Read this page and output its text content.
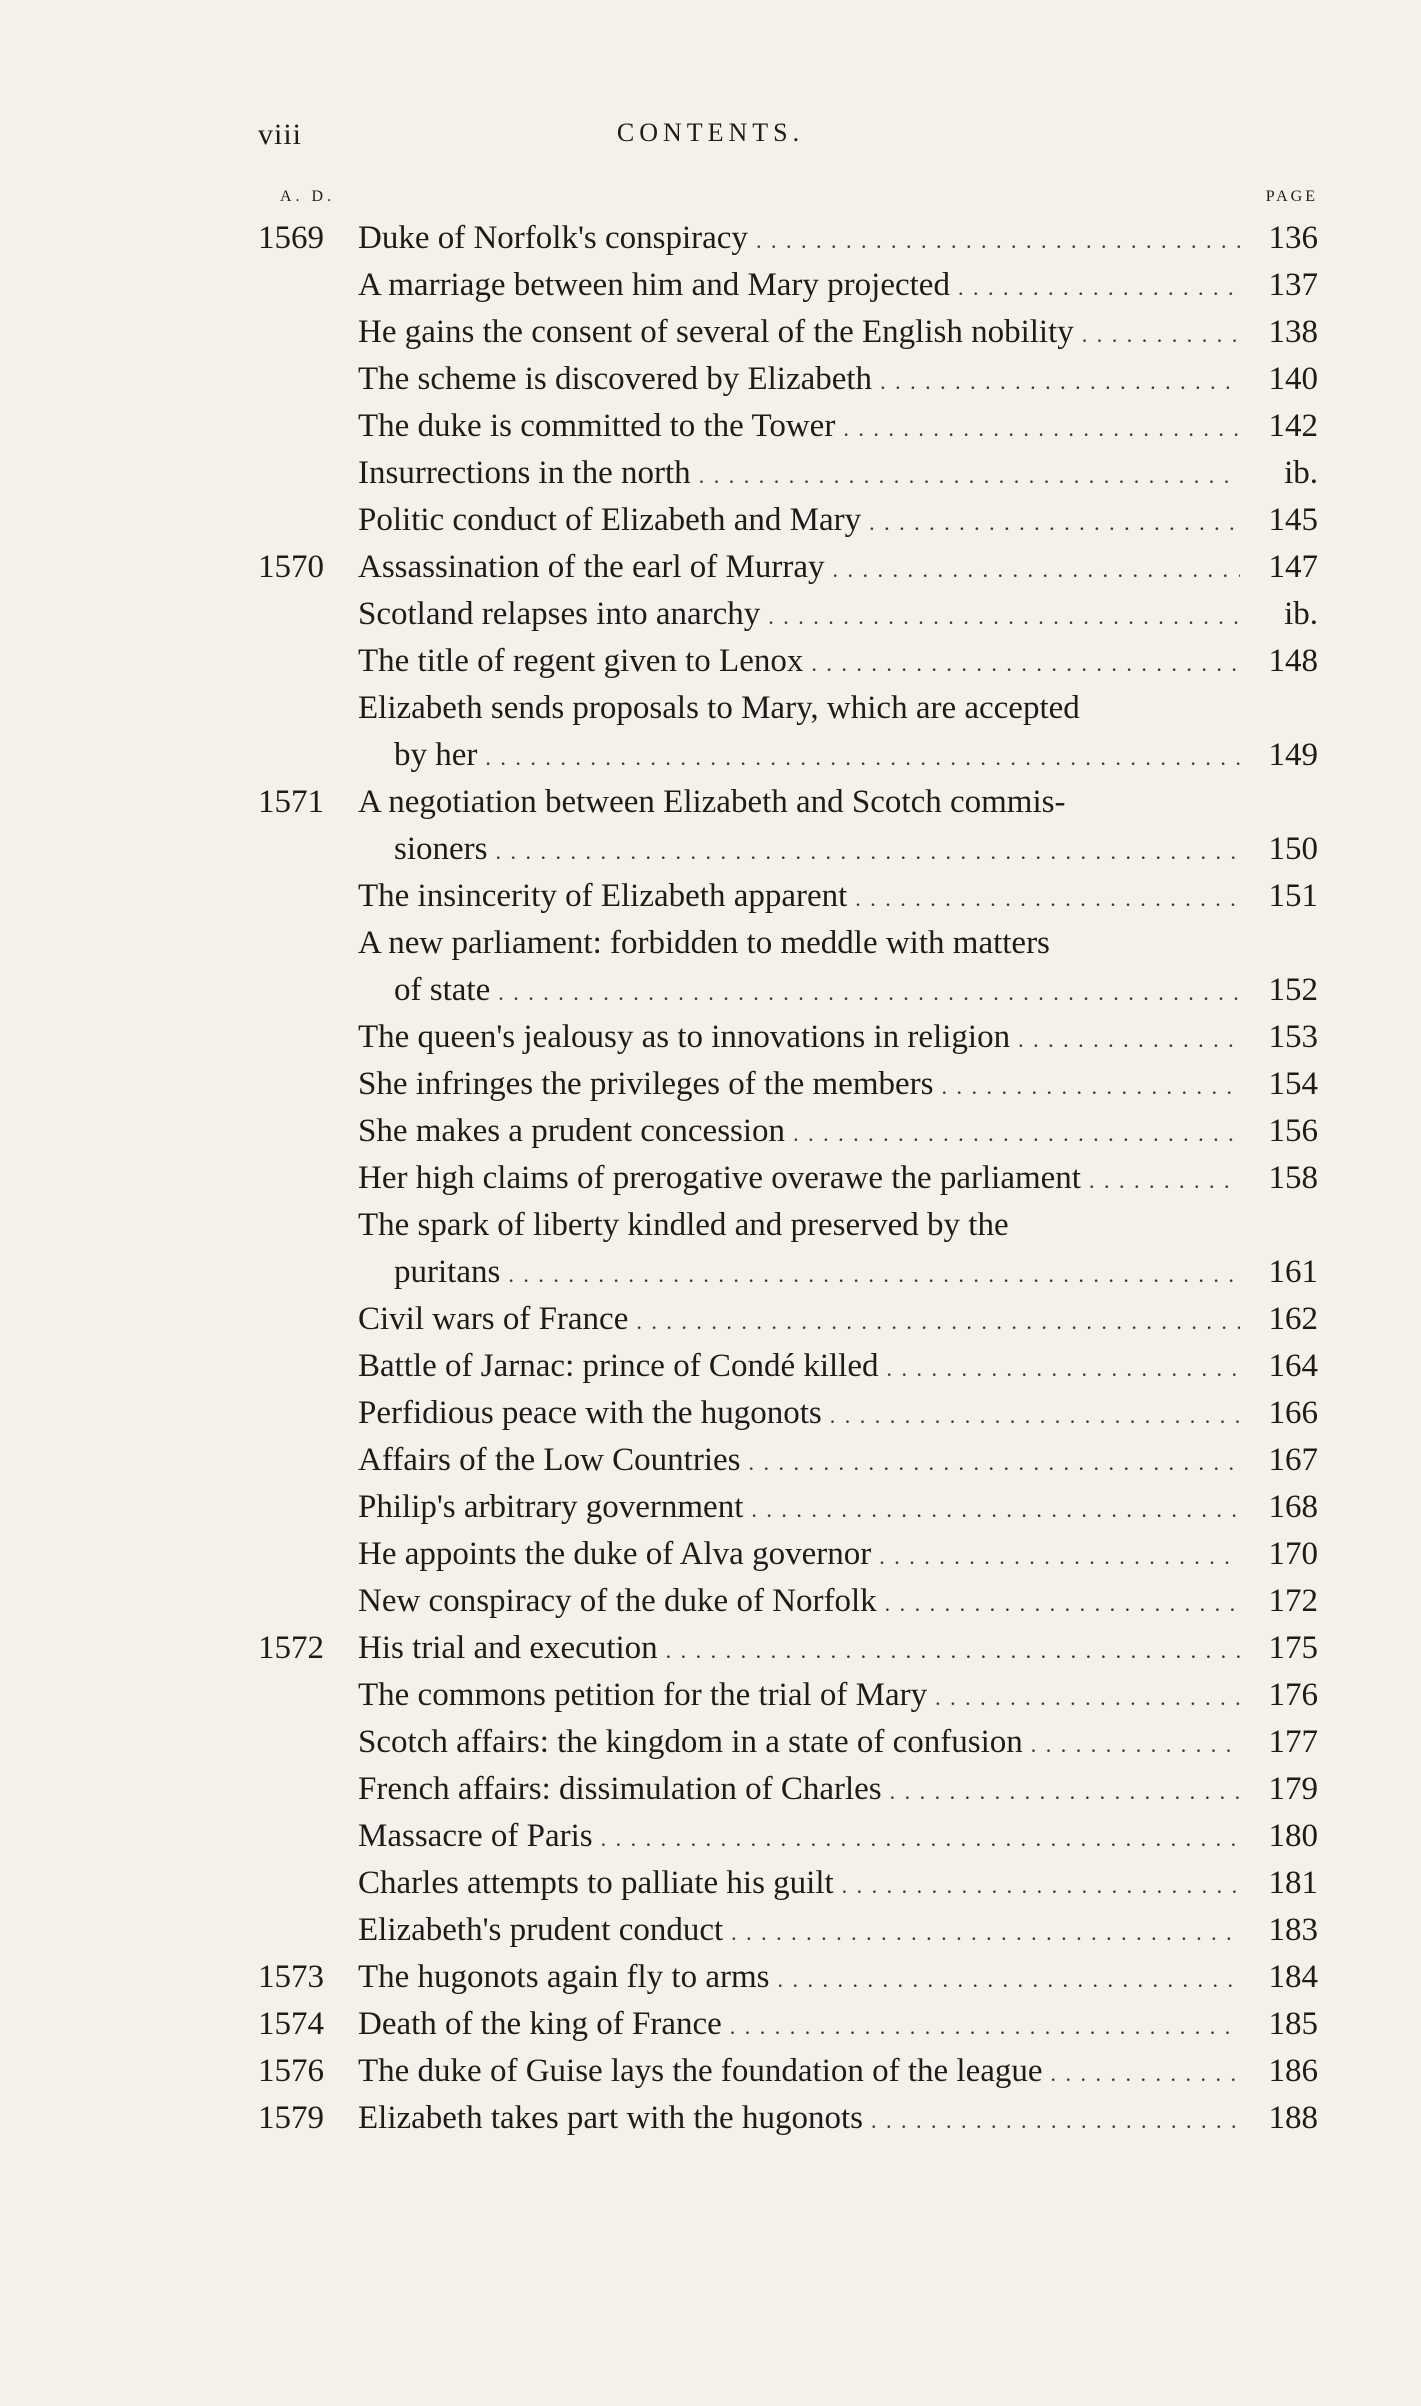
viii	CONTENTS.
A. D.	PAGE
1569	Duke of Norfolk's conspiracy . . .	136
A marriage between him and Mary projected . . .	137
He gains the consent of several of the English nobility . . .	138
The scheme is discovered by Elizabeth . . .	140
The duke is committed to the Tower . . .	142
Insurrections in the north . . .	ib.
Politic conduct of Elizabeth and Mary . . .	145
1570	Assassination of the earl of Murray . . .	147
Scotland relapses into anarchy . . .	ib.
The title of regent given to Lenox . . .	148
Elizabeth sends proposals to Mary, which are accepted
by her . . .	149
1571	A negotiation between Elizabeth and Scotch commis-
sioners . . .	150
The insincerity of Elizabeth apparent . . .	151
A new parliament: forbidden to meddle with matters
of state . . .	152
The queen's jealousy as to innovations in religion . . .	153
She infringes the privileges of the members . . .	154
She makes a prudent concession . . .	156
Her high claims of prerogative overawe the parliament . . .	158
The spark of liberty kindled and preserved by the
puritans . . .	161
Civil wars of France . . .	162
Battle of Jarnac: prince of Condé killed . . .	164
Perfidious peace with the hugonots . . .	166
Affairs of the Low Countries . . .	167
Philip's arbitrary government . . .	168
He appoints the duke of Alva governor . . .	170
New conspiracy of the duke of Norfolk . . .	172
1572	His trial and execution . . .	175
The commons petition for the trial of Mary . . .	176
Scotch affairs: the kingdom in a state of confusion . . .	177
French affairs: dissimulation of Charles . . .	179
Massacre of Paris . . .	180
Charles attempts to palliate his guilt . . .	181
Elizabeth's prudent conduct . . .	183
1573	The hugonots again fly to arms . . .	184
1574	Death of the king of France . . .	185
1576	The duke of Guise lays the foundation of the league . . .	186
1579	Elizabeth takes part with the hugonots . . .	188
